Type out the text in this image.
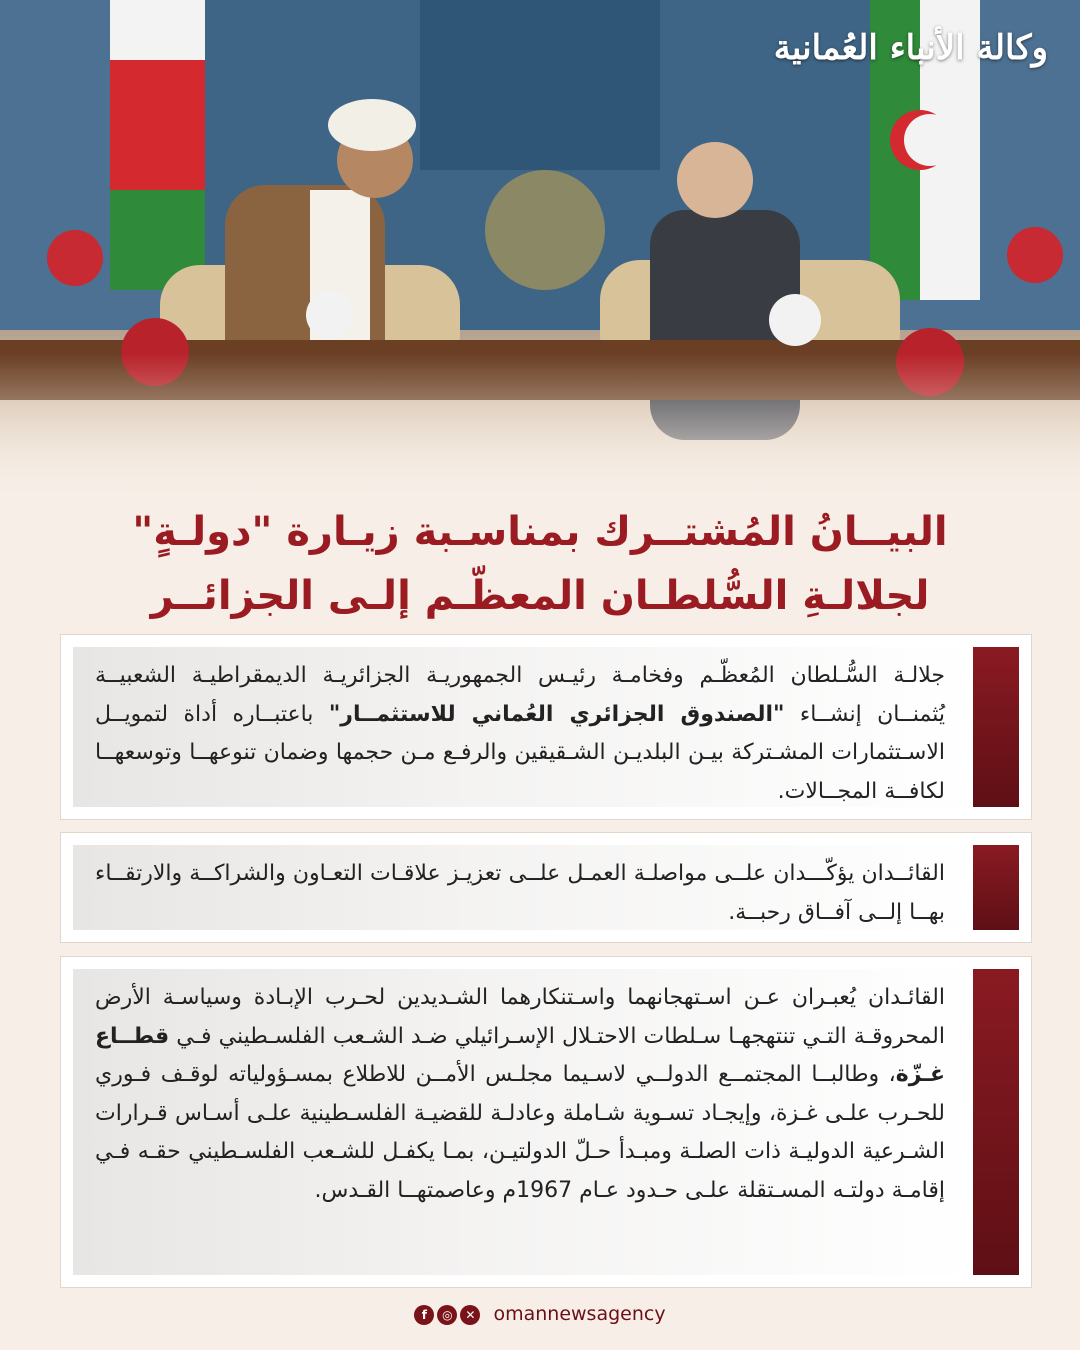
وكالة الأنباء العُمانية
البيــانُ المُشتــرك بمناسـبة زيـارة "دولـةٍ"
لجلالـةِ السُّلطـان المعظّـم إلـى الجزائــر
جلالـة السُّـلطان المُعظّـم وفخامـة رئيـس الجمهوريـة الجزائريـة الديمقراطيـة الشعبيــة يُثمنــان إنشــاء "الصندوق الجزائري العُماني للاستثمــار" باعتبــاره أداة لتمويــل الاسـتثمارات المشـتركة بيـن البلديـن الشـقيقين والرفـع مـن حجمها وضمان تنوعهــا وتوسعهــا لكافــة المجــالات.
القائــدان يؤكّـــدان علــى مواصلـة العمـل علــى تعزيـز علاقـات التعـاون والشراكــة والارتقــاء بهــا إلــى آفــاق رحبــة.
القائـدان يُعبـران عـن اسـتهجانهما واسـتنكارهما الشـديدين لحـرب الإبـادة وسياسـة الأرض المحروقـة التـي تنتهجهـا سـلطات الاحتـلال الإسـرائيلي ضـد الشـعب الفلسـطيني فـي قطــاع غـزّة، وطالبــا المجتمــع الدولــي لاسـيما مجلـس الأمــن للاطلاع بمسـؤولياته لوقـف فـوري للحـرب علـى غـزة، وإيجـاد تسـوية شـاملة وعادلـة للقضيـة الفلسـطينية علـى أسـاس قـرارات الشـرعية الدوليـة ذات الصلـة ومبـدأ حـلّ الدولتيـن، بمـا يكفـل للشـعب الفلسـطيني حقـه فـي إقامـة دولتـه المسـتقلة علـى حـدود عـام 1967م وعاصمتهــا القـدس.
f ◎ ✕ omannewsagency
